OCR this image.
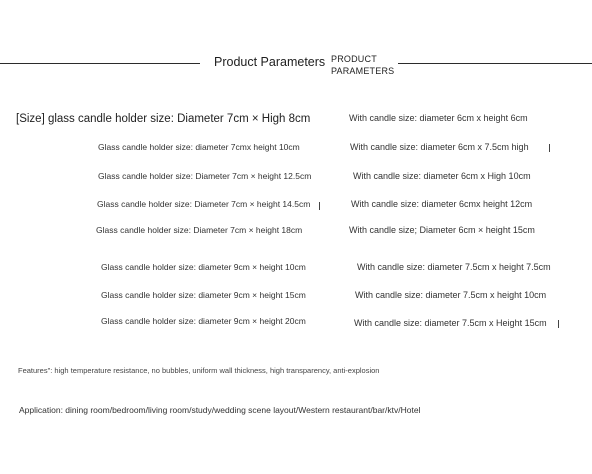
Product Parameters PRODUCT
PARAMETERS
[Size] glass candle holder size: Diameter 7cm × High 8cm	With candle size: diameter 6cm x height 6cm
Glass candle holder size: diameter 7cmx height 10cm
Glass candle holder size: Diameter 7cm × height 12.5cm
Glass candle holder size: Diameter 7cm × height 14.5cm
Glass candle holder size: Diameter 7cm × height 18cm
Glass candle holder size: diameter 9cm × height 10cm
Glass candle holder size: diameter 9cm × height 15cm
Glass candle holder size: diameter 9cm × height 20cm
With candle size: diameter 6cm x 7.5cm high
With candle size: diameter 6cm x High 10cm
With candle size: diameter 6cmx height 12cm
With candle size; Diameter 6cm × height 15cm
With candle size: diameter 7.5cm x height 7.5cm
With candle size: diameter 7.5cm x height 10cm
With candle size: diameter 7.5cm x Height 15cm
Features": high temperature resistance, no bubbles, uniform wall thickness, high transparency, anti-explosion
Application: dining room/bedroom/living room/study/wedding scene layout/Western restaurant/bar/ktv/Hotel
